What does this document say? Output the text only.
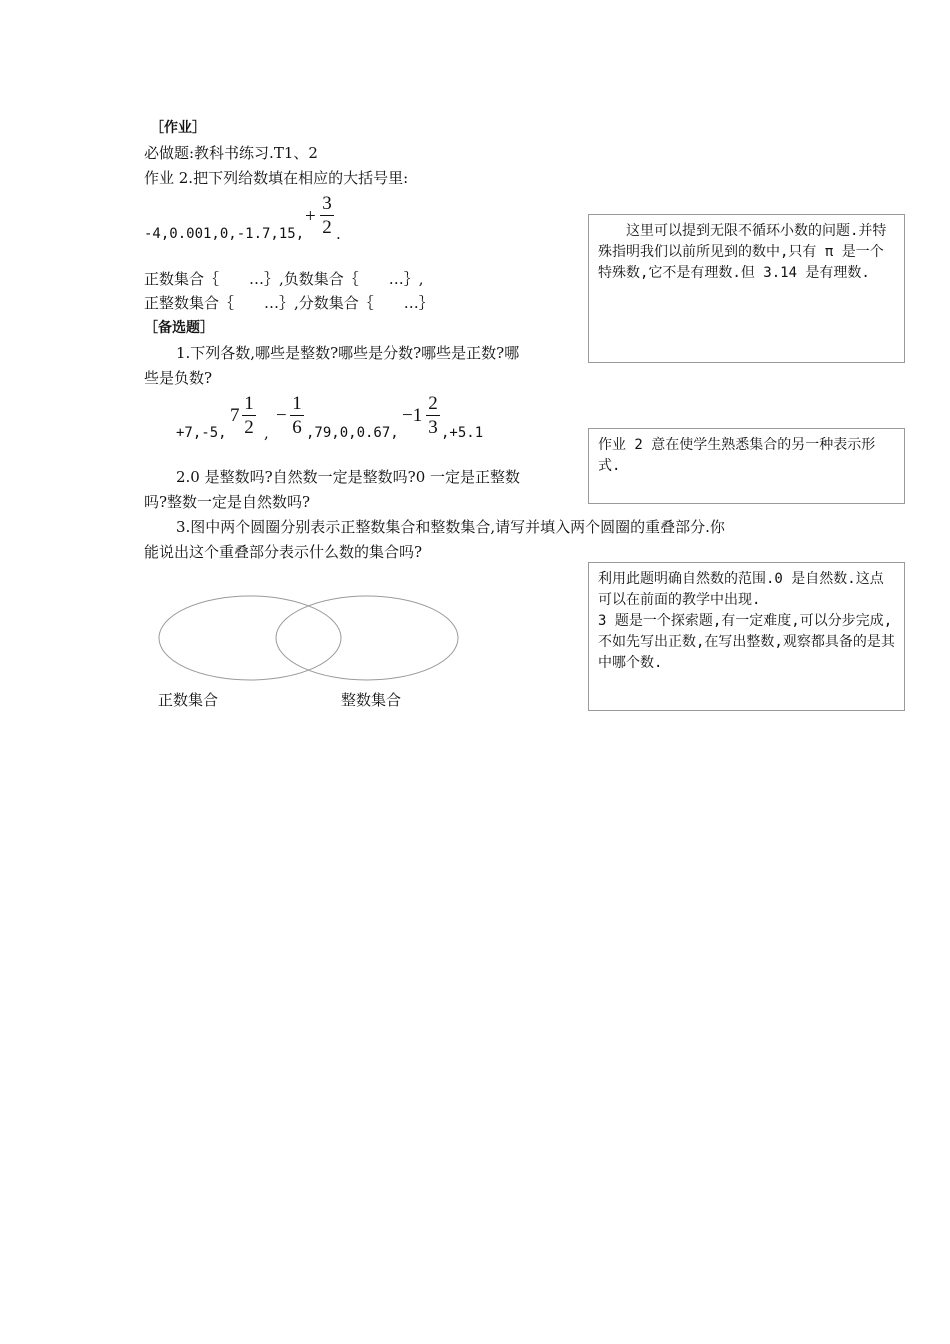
［作业］
必做题:教科书练习.T1、2
作业 2.把下列给数填在相应的大括号里:
-4,0.001,0,-1.7,15,
+
3
2 .
正数集合｛　　…｝,负数集合｛　　…｝,
正整数集合｛　　…｝,分数集合｛　　…｝
［备选题］
1.下列各数,哪些是整数?哪些是分数?哪些是正数?哪
些是负数?
+7,-5,
7
1
2 ,
−
1
6 ,79,0,0.67,
−1
2
3 ,+5.1
2.0 是整数吗?自然数一定是整数吗?0 一定是正整数
吗?整数一定是自然数吗?
3.图中两个圆圈分别表示正整数集合和整数集合,请写并填入两个圆圈的重叠部分.你
能说出这个重叠部分表示什么数的集合吗?
正数集合	整数集合

　　这里可以提到无限不循环小数的问题.并特殊指明我们以前所见到的数中,只有 π 是一个特殊数,它不是有理数.但 3.14 是有理数.

作业 2 意在使学生熟悉集合的另一种表示形式.

利用此题明确自然数的范围.0 是自然数.这点可以在前面的教学中出现.

3 题是一个探索题,有一定难度,可以分步完成,不如先写出正数,在写出整数,观察都具备的是其中哪个数.
